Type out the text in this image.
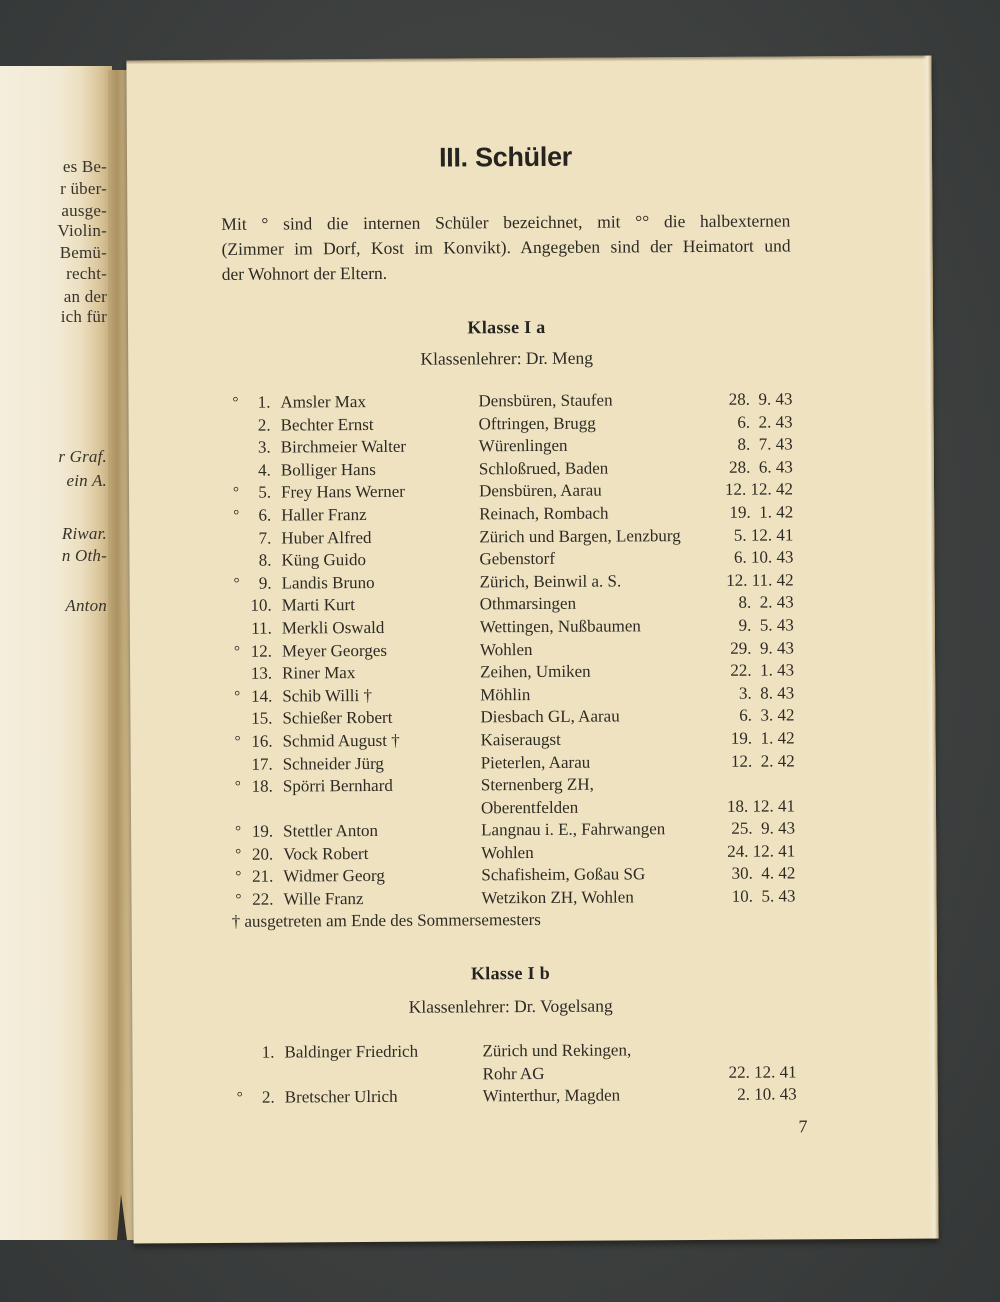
es Be-
r über-
ausge-
Violin-
Bemü-
recht-
an der
ich für
r Graf.
ein A.
Riwar.
n Oth-
Anton
III. Schüler
Mit ° sind die internen Schüler bezeichnet, mit °° die halbexternen
(Zimmer im Dorf, Kost im Konvikt). Angegeben sind der Heimatort und
der Wohnort der Eltern.
Klasse I a
Klassenlehrer: Dr. Meng
°	1. Amsler Max	Densbüren, Staufen	28.  9. 43
2. Bechter Ernst	Oftringen, Brugg	6.  2. 43
3. Birchmeier Walter	Würenlingen	8.  7. 43
4. Bolliger Hans	Schloßrued, Baden	28.  6. 43
°	5. Frey Hans Werner	Densbüren, Aarau	12. 12. 42
°	6. Haller Franz	Reinach, Rombach	19.  1. 42
7. Huber Alfred	Zürich und Bargen, Lenzburg	5. 12. 41
8. Küng Guido	Gebenstorf	6. 10. 43
°	9. Landis Bruno	Zürich, Beinwil a. S.	12. 11. 42
10. Marti Kurt	Othmarsingen	8.  2. 43
11. Merkli Oswald	Wettingen, Nußbaumen	9.  5. 43
° 12. Meyer Georges	Wohlen	29.  9. 43
13. Riner Max	Zeihen, Umiken	22.  1. 43
° 14. Schib Willi †	Möhlin	3.  8. 43
15. Schießer Robert	Diesbach GL, Aarau	6.  3. 42
° 16. Schmid August †	Kaiseraugst	19.  1. 42
17. Schneider Jürg	Pieterlen, Aarau	12.  2. 42
° 18. Spörri Bernhard	Sternenberg ZH,
Oberentfelden	18. 12. 41
° 19. Stettler Anton	Langnau i. E., Fahrwangen	25.  9. 43
° 20. Vock Robert	Wohlen	24. 12. 41
° 21. Widmer Georg	Schafisheim, Goßau SG	30.  4. 42
° 22. Wille Franz	Wetzikon ZH, Wohlen	10.  5. 43
† ausgetreten am Ende des Sommersemesters
Klasse I b
Klassenlehrer: Dr. Vogelsang
1. Baldinger Friedrich	Zürich und Rekingen,
Rohr AG	22. 12. 41
°	2. Bretscher Ulrich	Winterthur, Magden	2. 10. 43
7
